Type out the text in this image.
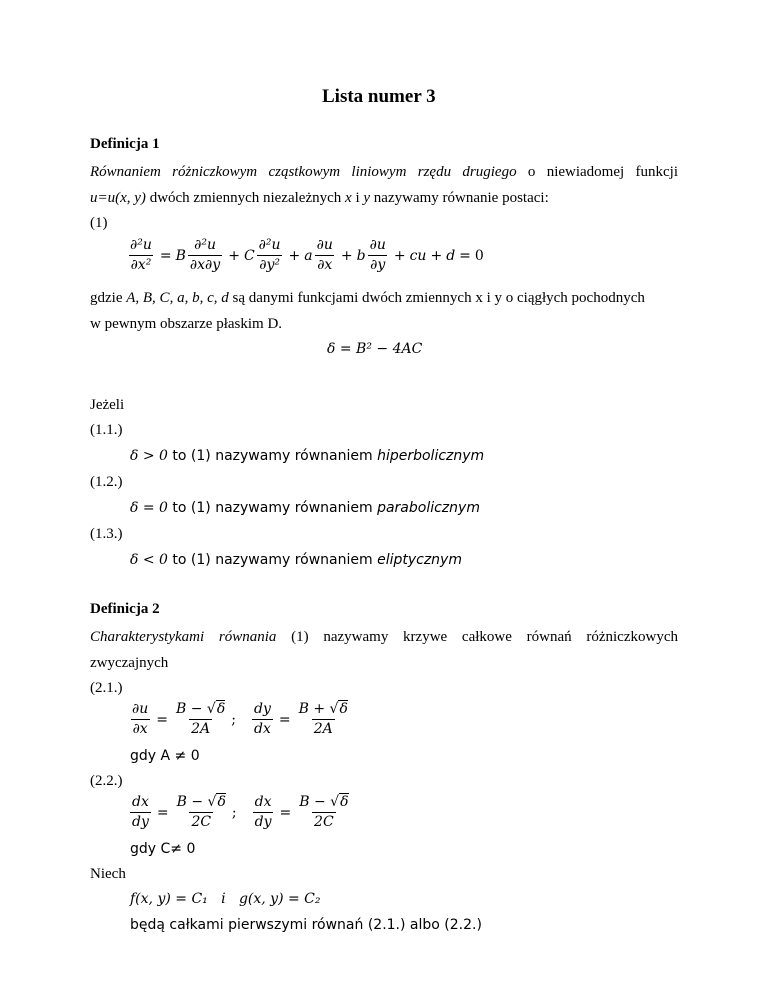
Lista numer 3
Definicja 1
Równaniem różniczkowym cząstkowym liniowym rzędu drugiego o niewiadomej funkcji
u=u(x, y) dwóch zmiennych niezależnych x i y nazywamy równanie postaci:
(1)
$\frac{\text{∂²u}}{\text{∂x²}} = B \frac{\text{∂²u}}{\partial x\partial y} + C \frac{\text{∂²u}}{\text{∂y²}} + a \frac{\partial u}{\partial x} + b \frac{\partial u}{\partial y}$ + cu + d = 0
gdzie A, B, C, a, b, c, d są danymi funkcjami dwóch zmiennych x i y o ciągłych pochodnych
w pewnym obszarze płaskim D.
δ = B² − 4AC
Jeżeli
(1.1.)
δ > 0 to (1) nazywamy równaniem hiperbolicznym
(1.2.)
δ = 0 to (1) nazywamy równaniem parabolicznym
(1.3.)
δ < 0 to (1) nazywamy równaniem eliptycznym
Definicja 2
Charakterystykami równania (1) nazywamy krzywe całkowe równań różniczkowych
zwyczajnych
(2.1.)
$\frac{\partial u}{\partial x} = \frac{B - √\delta}{2A}$ ; $\frac{dy}{dx} = \frac{B + √\delta}{2A}$
gdy A ≠ 0
(2.2.)
$\frac{dx}{dy} = \frac{B - √\delta}{2C}$ ; $\frac{dx}{dy} = \frac{B - √\delta}{2C}$
gdy C≠ 0
Niech
f(x, y) = C₁   i   g(x, y) = C₂
będą całkami pierwszymi równań (2.1.) albo (2.2.)
